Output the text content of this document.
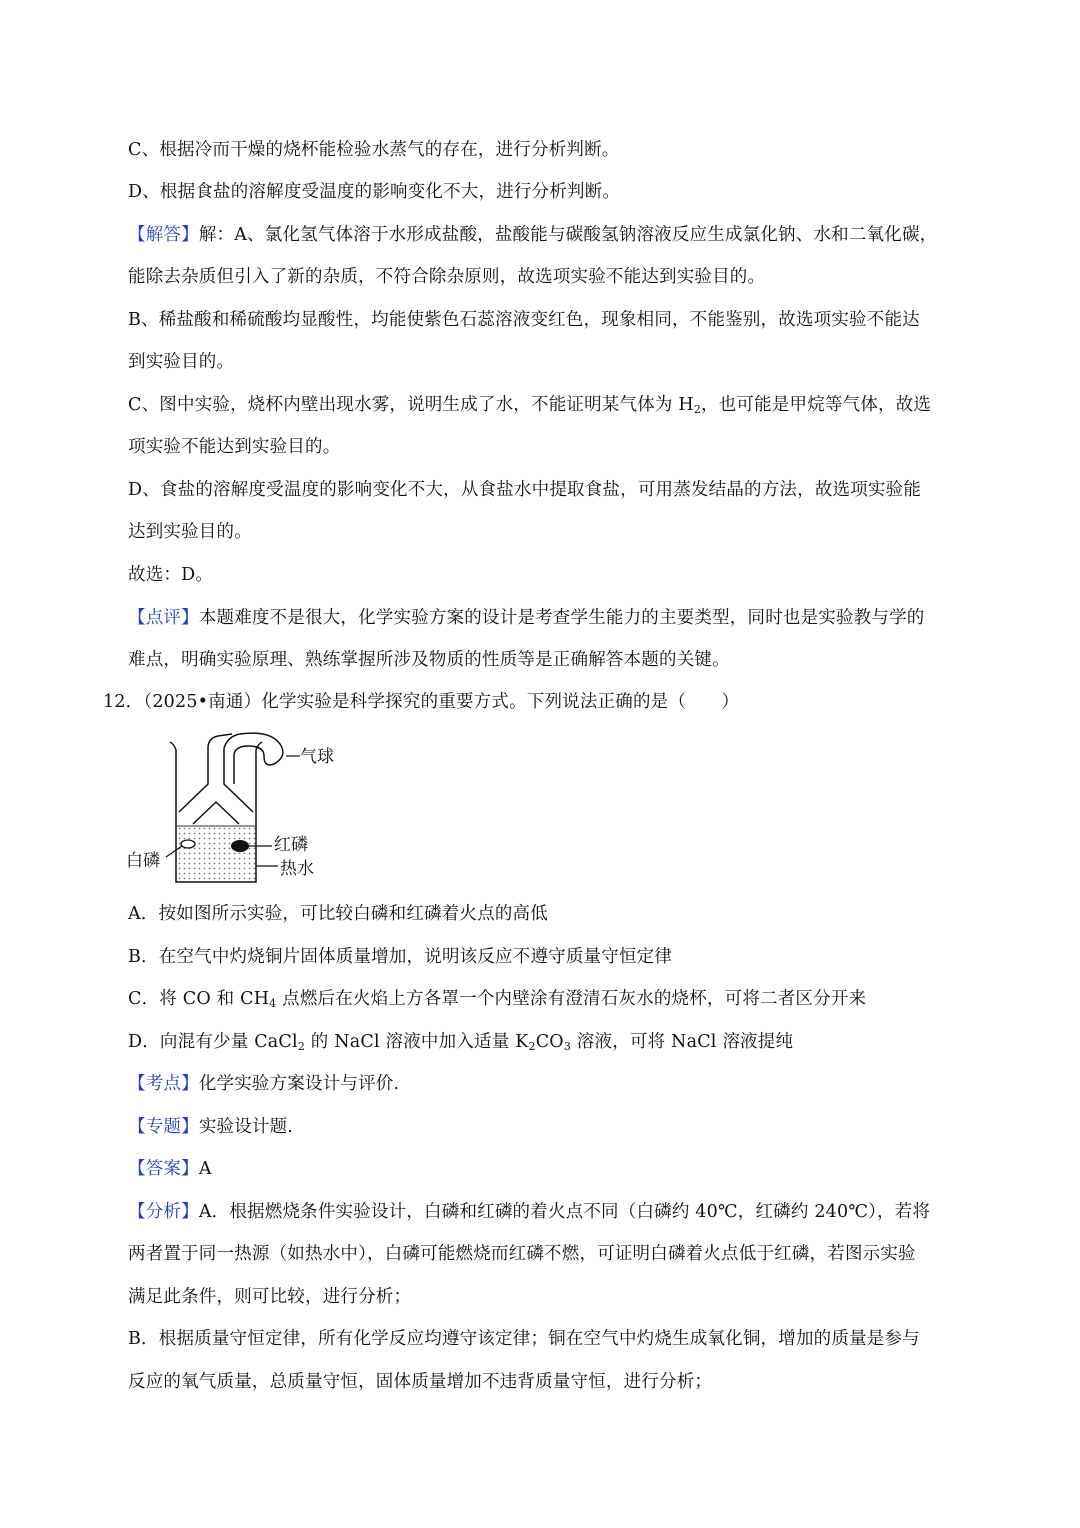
C、根据冷而干燥的烧杯能检验水蒸气的存在，进行分析判断。
D、根据食盐的溶解度受温度的影响变化不大，进行分析判断。
【解答】解：A、氯化氢气体溶于水形成盐酸，盐酸能与碳酸氢钠溶液反应生成氯化钠、水和二氧化碳，
能除去杂质但引入了新的杂质，不符合除杂原则，故选项实验不能达到实验目的。
B、稀盐酸和稀硫酸均显酸性，均能使紫色石蕊溶液变红色，现象相同，不能鉴别，故选项实验不能达
到实验目的。
C、图中实验，烧杯内壁出现水雾，说明生成了水，不能证明某气体为 $H_2$，也可能是甲烷等气体，故选
项实验不能达到实验目的。
D、食盐的溶解度受温度的影响变化不大，从食盐水中提取食盐，可用蒸发结晶的方法，故选项实验能
达到实验目的。
故选：D。
【点评】本题难度不是很大，化学实验方案的设计是考查学生能力的主要类型，同时也是实验教与学的
难点，明确实验原理、熟练掌握所涉及物质的性质等是正确解答本题的关键。
12．（2025•南通）化学实验是科学探究的重要方式。下列说法正确的是（　　）
气球
红磷
白磷	热水
A．按如图所示实验，可比较白磷和红磷着火点的高低
B．在空气中灼烧铜片固体质量增加，说明该反应不遵守质量守恒定律
C．将 CO 和 $CH_4$ 点燃后在火焰上方各罩一个内壁涂有澄清石灰水的烧杯，可将二者区分开来
D．向混有少量 CaCl$_2$ 的 NaCl 溶液中加入适量 $K_2CO_3$ 溶液，可将 NaCl 溶液提纯
【考点】化学实验方案设计与评价.
【专题】实验设计题.
【答案】A
【分析】A．根据燃烧条件实验设计，白磷和红磷的着火点不同（白磷约 40℃，红磷约 240℃），若将
两者置于同一热源（如热水中），白磷可能燃烧而红磷不燃，可证明白磷着火点低于红磷，若图示实验
满足此条件，则可比较，进行分析；
B．根据质量守恒定律，所有化学反应均遵守该定律；铜在空气中灼烧生成氧化铜，增加的质量是参与
反应的氧气质量，总质量守恒，固体质量增加不违背质量守恒，进行分析；
